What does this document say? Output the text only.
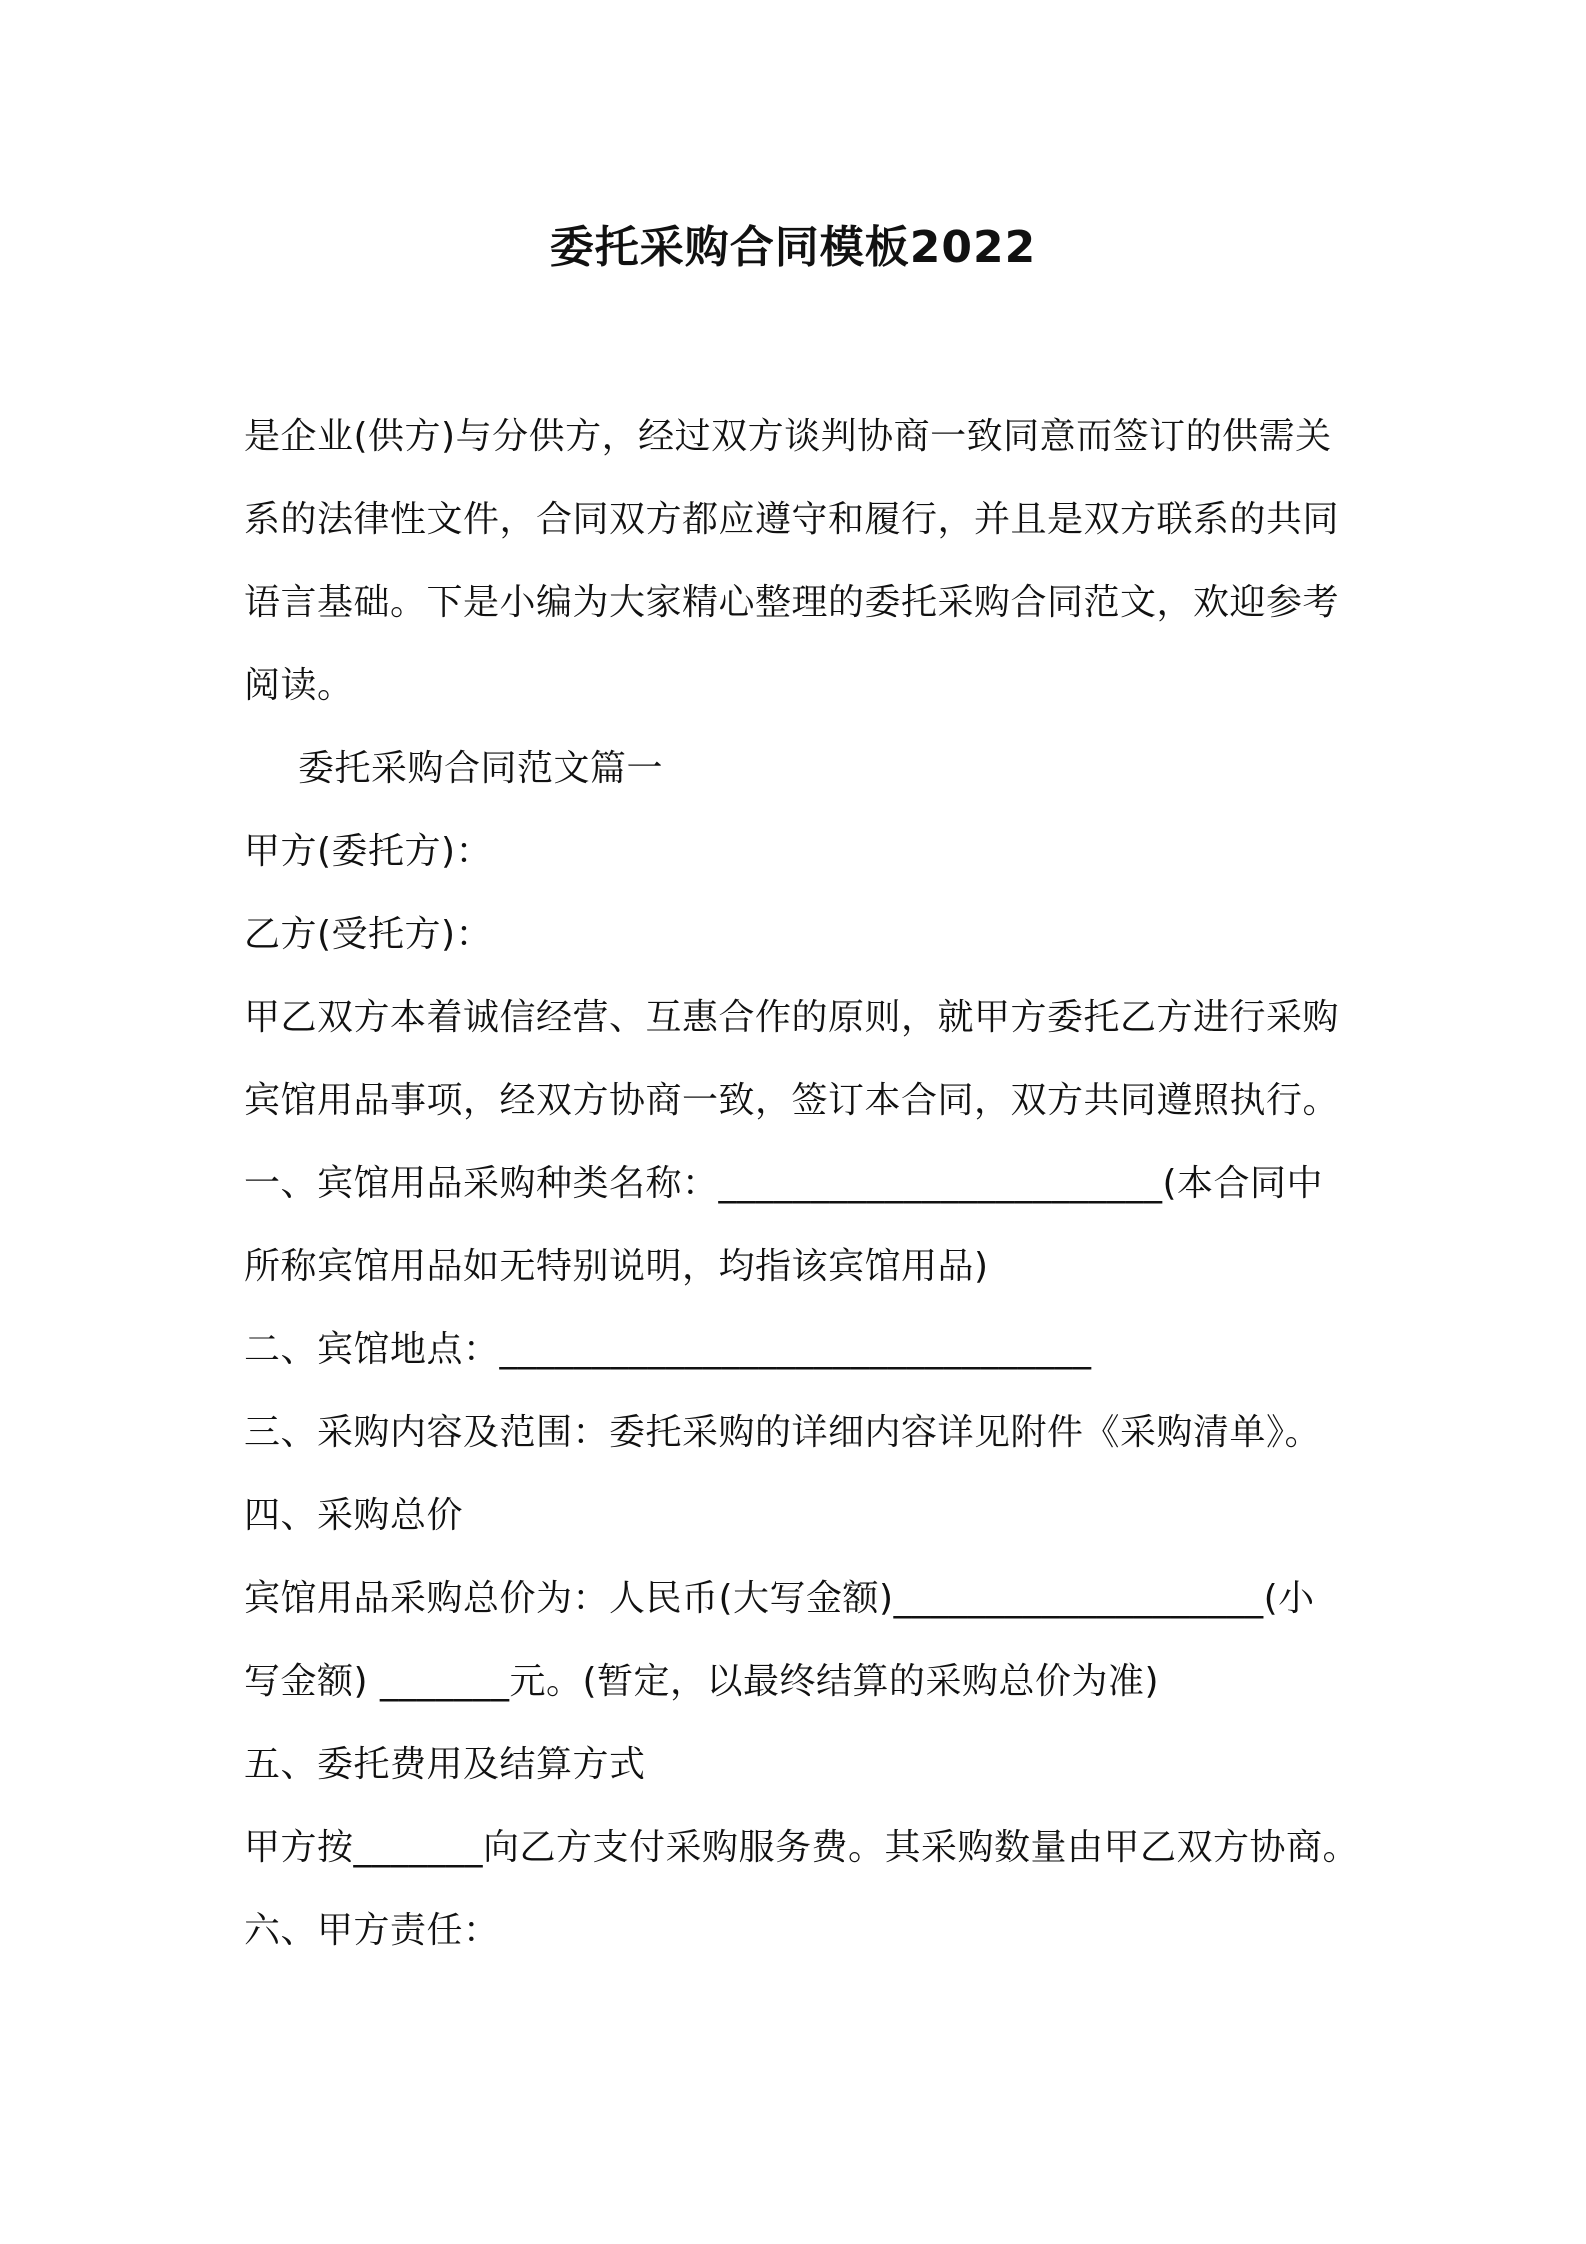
委托采购合同模板2022
是企业(供方)与分供方，经过双方谈判协商一致同意而签订的供需关
系的法律性文件，合同双方都应遵守和履行，并且是双方联系的共同
语言基础。下是小编为大家精心整理的委托采购合同范文，欢迎参考
阅读。
委托采购合同范文篇一
甲方(委托方)：
乙方(受托方)：
甲乙双方本着诚信经营、互惠合作的原则，就甲方委托乙方进行采购
宾馆用品事项，经双方协商一致，签订本合同，双方共同遵照执行。
一、宾馆用品采购种类名称：________________________(本合同中
所称宾馆用品如无特别说明，均指该宾馆用品)
二、宾馆地点：________________________________
三、采购内容及范围：委托采购的详细内容详见附件《采购清单》。
四、采购总价
宾馆用品采购总价为：人民币(大写金额)____________________(小
写金额) _______元。(暂定，以最终结算的采购总价为准)
五、委托费用及结算方式
甲方按_______向乙方支付采购服务费。其采购数量由甲乙双方协商。
六、甲方责任：
